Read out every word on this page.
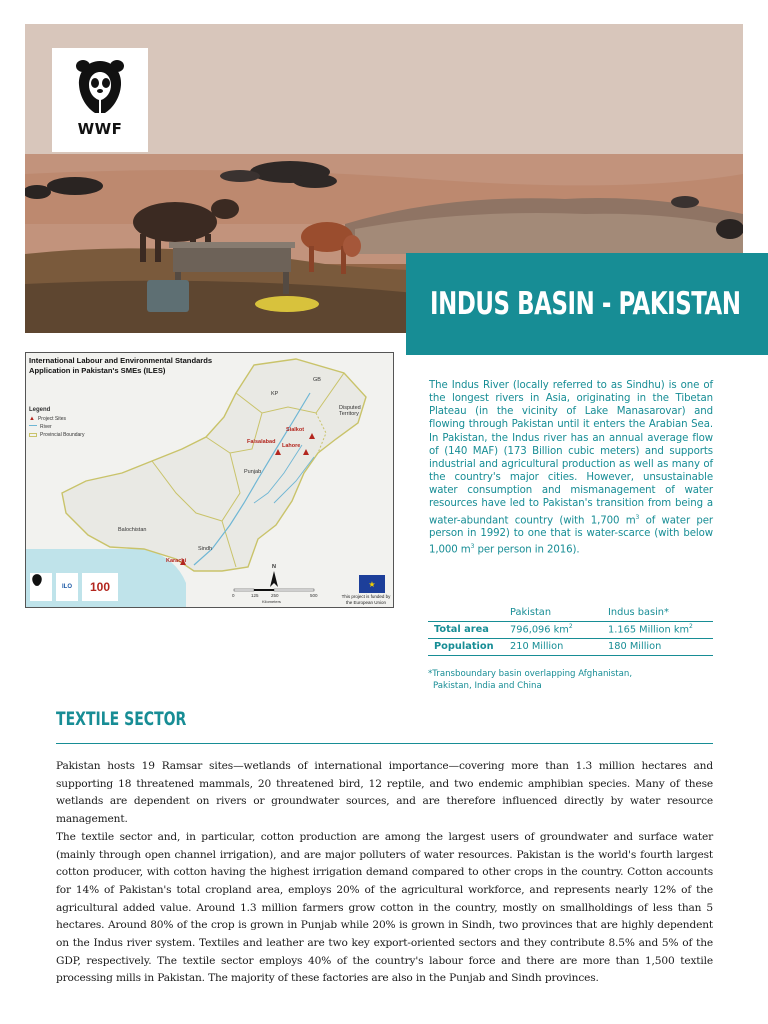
WWF
INDUS BASIN - PAKISTAN
International Labour and Environmental Standards Application in Pakistan's SMEs (ILES)
Legend
▲ Project Sites
River
Provincial Boundary
GB
KP
Disputed Territory
Punjab
Balochistan
Sindh
Sialkot
Faisalabad
Lahore
Karachi
N
0	125	250	500
Kilometers
ILO	100	★
This project is funded by the European Union

The Indus River (locally referred to as Sindhu) is one of the longest rivers in Asia, originating in the Tibetan Plateau (in the vicinity of Lake Manasarovar) and flowing through Pakistan until it enters the Arabian Sea. In Pakistan, the Indus river has an annual average flow of (140 MAF) (173 Billion cubic meters) and supports industrial and agricultural production as well as many of the country's major cities. However, unsustainable water consumption and mismanagement of water resources have led to Pakistan's transition from being a water-abundant country (with 1,700 $m^3$ of water per person in 1992) to one that is water-scarce (with below 1,000 $m^3$ per person in 2016).

	Pakistan	Indus basin*
Total area	796,096 $km^2$	1.165 Million $km^2$
Population	210 Million	180 Million
*Transboundary basin overlapping Afghanistan,
Pakistan, India and China
TEXTILE SECTOR

Pakistan hosts 19 Ramsar sites—wetlands of international importance—covering more than 1.3 million hectares and supporting 18 threatened mammals, 20 threatened bird, 12 reptile, and two endemic amphibian species. Many of these wetlands are dependent on rivers or groundwater sources, and are therefore influenced directly by water resource management.

The textile sector and, in particular, cotton production are among the largest users of groundwater and surface water (mainly through open channel irrigation), and are major polluters of water resources. Pakistan is the world's fourth largest cotton producer, with cotton having the highest irrigation demand compared to other crops in the country. Cotton accounts for 14% of Pakistan's total cropland area, employs 20% of the agricultural workforce, and represents nearly 12% of the agricultural added value. Around 1.3 million farmers grow cotton in the country, mostly on smallholdings of less than 5 hectares. Around 80% of the crop is grown in Punjab while 20% is grown in Sindh, two provinces that are highly dependent on the Indus river system. Textiles and leather are two key export-oriented sectors and they contribute 8.5% and 5% of the GDP, respectively. The textile sector employs 40% of the country's labour force and there are more than 1,500 textile processing mills in Pakistan. The majority of these factories are also in the Punjab and Sindh provinces.
